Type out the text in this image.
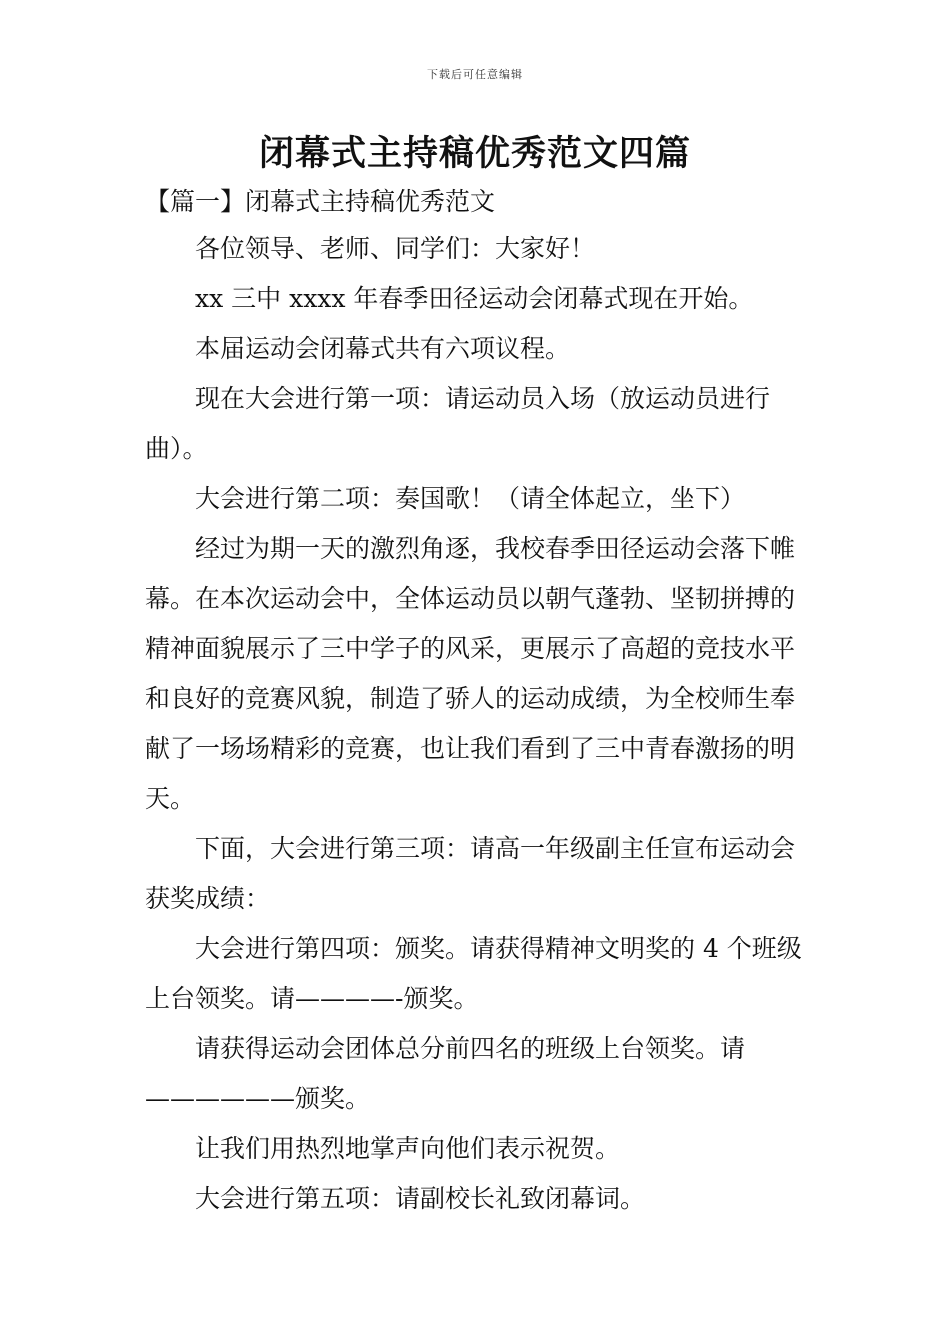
下载后可任意编辑
闭幕式主持稿优秀范文四篇
【篇一】闭幕式主持稿优秀范文

各位领导、老师、同学们：大家好！

xx 三中 xxxx 年春季田径运动会闭幕式现在开始。

本届运动会闭幕式共有六项议程。

现在大会进行第一项：请运动员入场（放运动员进行曲）。

大会进行第二项：奏国歌！（请全体起立，坐下）

经过为期一天的激烈角逐，我校春季田径运动会落下帷幕。在本次运动会中，全体运动员以朝气蓬勃、坚韧拼搏的精神面貌展示了三中学子的风采，更展示了高超的竞技水平和良好的竞赛风貌，制造了骄人的运动成绩，为全校师生奉献了一场场精彩的竞赛，也让我们看到了三中青春激扬的明天。

下面，大会进行第三项：请高一年级副主任宣布运动会获奖成绩：

大会进行第四项：颁奖。请获得精神文明奖的 4 个班级上台领奖。请————-颁奖。

请获得运动会团体总分前四名的班级上台领奖。请——————颁奖。

让我们用热烈地掌声向他们表示祝贺。

大会进行第五项：请副校长礼致闭幕词。
